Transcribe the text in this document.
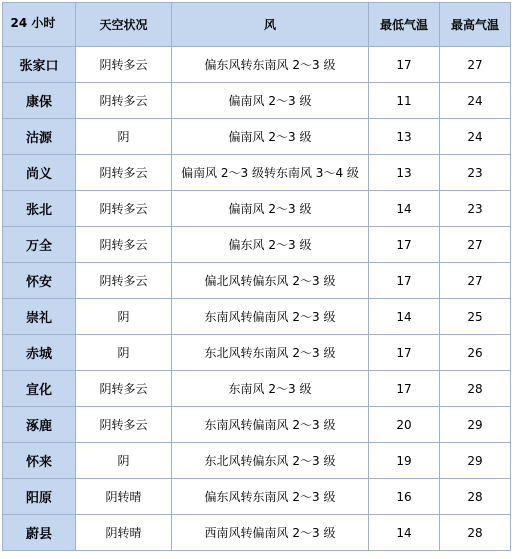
24 小时	天空状况	风	最低气温	最高气温
张家口	阴转多云	偏东风转东南风 2～3 级	17	27
康保	阴转多云	偏南风 2～3 级	11	24
沽源	阴	偏南风 2～3 级	13	24
尚义	阴转多云	偏南风 2～3 级转东南风 3～4 级	13	23
张北	阴转多云	偏南风 2～3 级	14	23
万全	阴转多云	偏东风 2～3 级	17	27
怀安	阴转多云	偏北风转偏东风 2～3 级	17	27
崇礼	阴	东南风转偏南风 2～3 级	14	25
赤城	阴	东北风转东南风 2～3 级	17	26
宣化	阴转多云	东南风 2～3 级	17	28
涿鹿	阴转多云	东南风转偏南风 2～3 级	20	29
怀来	阴	东北风转偏东风 2～3 级	19	29
阳原	阴转晴	偏东风转东南风 2～3 级	16	28
蔚县	阴转晴	西南风转偏南风 2～3 级	14	28
